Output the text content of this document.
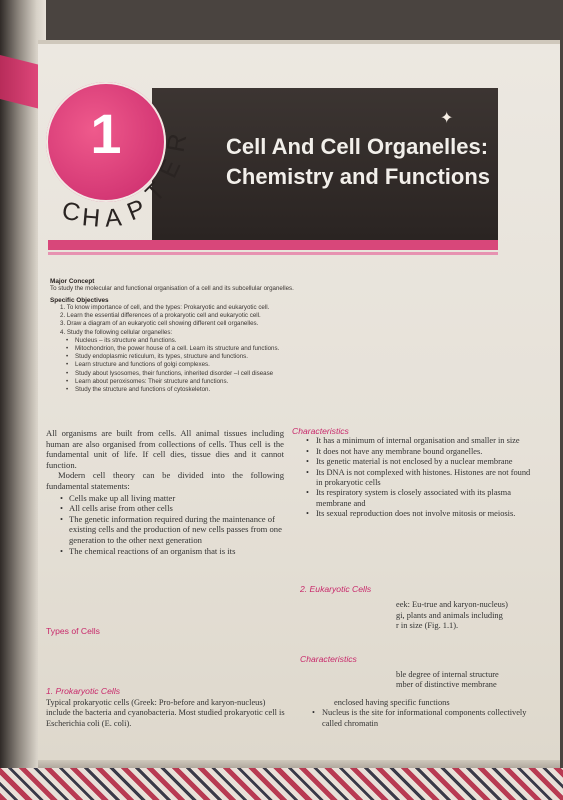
1
C
H A P
T
E
R
✦
Cell And Cell Organelles:
Chemistry and Functions
Major Concept
To study the molecular and functional organisation of a cell and its subcellular organelles.
Specific Objectives
1. To know importance of cell, and the types: Prokaryotic and eukaryotic cell.
2. Learn the essential differences of a prokaryotic cell and eukaryotic cell.
3. Draw a diagram of an eukaryotic cell showing different cell organelles.
4. Study the following cellular organelles:
• Nucleus – its structure and functions.
• Mitochondrion, the power house of a cell. Learn its structure and functions.
• Study endoplasmic reticulum, its types, structure and functions.
• Learn structure and functions of golgi complexes.
• Study about lysosomes, their functions, inherited disorder –I cell disease
• Learn about peroxisomes: Their structure and functions.
• Study the structure and functions of cytoskeleton.

All organisms are built from cells. All animal tissues including human are also organised from collections of cells. Thus cell is the fundamental unit of life. If cell dies, tissue dies and it cannot function.

Modern cell theory can be divided into the following fundamental statements:

• Cells make up all living matter
• All cells arise from other cells
• The genetic information required during the maintenance of existing cells and the production of new cells passes from one generation to the other next generation
• The chemical reactions of an organism that is its
Characteristics
• It has a minimum of internal organisation and smaller in size
• It does not have any membrane bound organelles.
• Its genetic material is not enclosed by a nuclear membrane
• Its DNA is not complexed with histones. Histones are not found in prokaryotic cells
• Its respiratory system is closely associated with its plasma membrane and
• Its sexual reproduction does not involve mitosis or meiosis.
2. Eukaryotic Cells
eek: Eu-true and karyon-nucleus)
gi, plants and animals including
r in size (Fig. 1.1).
Types of Cells
Characteristics
ble degree of internal structure
mber of distinctive membrane
1. Prokaryotic Cells
Typical prokaryotic cells (Greek: Pro-before and karyon-nucleus) include the bacteria and cyanobacteria. Most studied prokaryotic cell is Escherichia coli (E. coli).
enclosed having specific functions
• Nucleus is the site for informational components collectively called chromatin
